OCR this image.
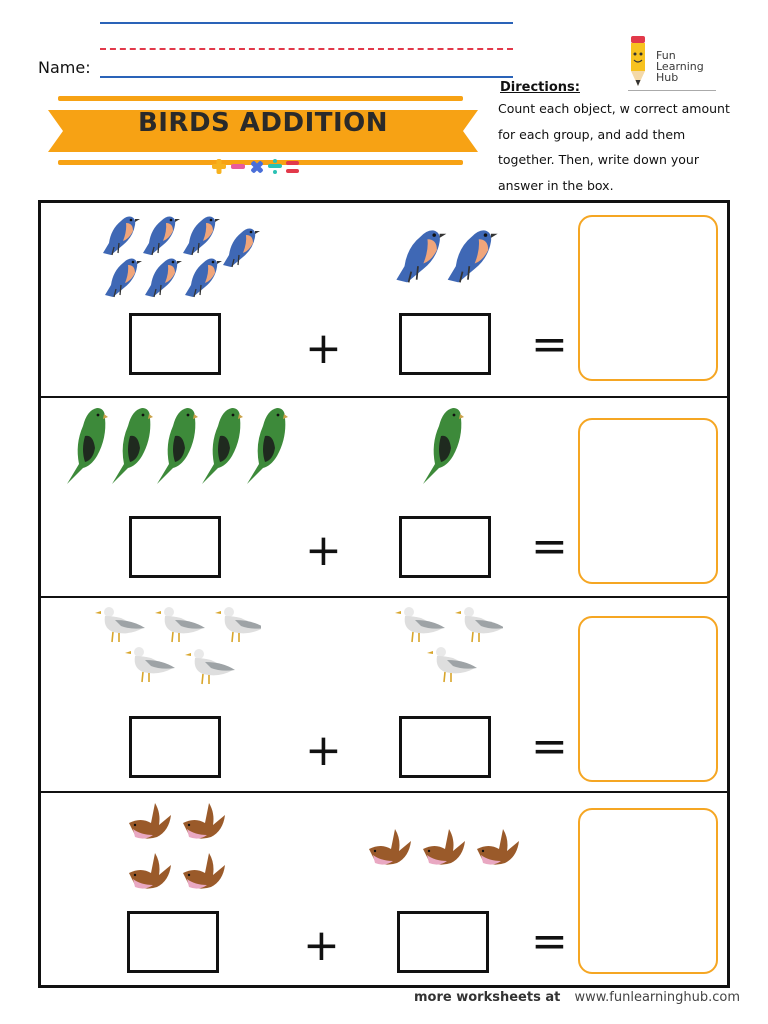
Name:
BIRDS ADDITION
Fun
Learning
Hub
Directions:
Count each object, w correct amount for each group, and add them together. Then, write down your answer in the box.
+	=
+	=
+	=
+	=
more worksheets at www.funlearninghub.com
